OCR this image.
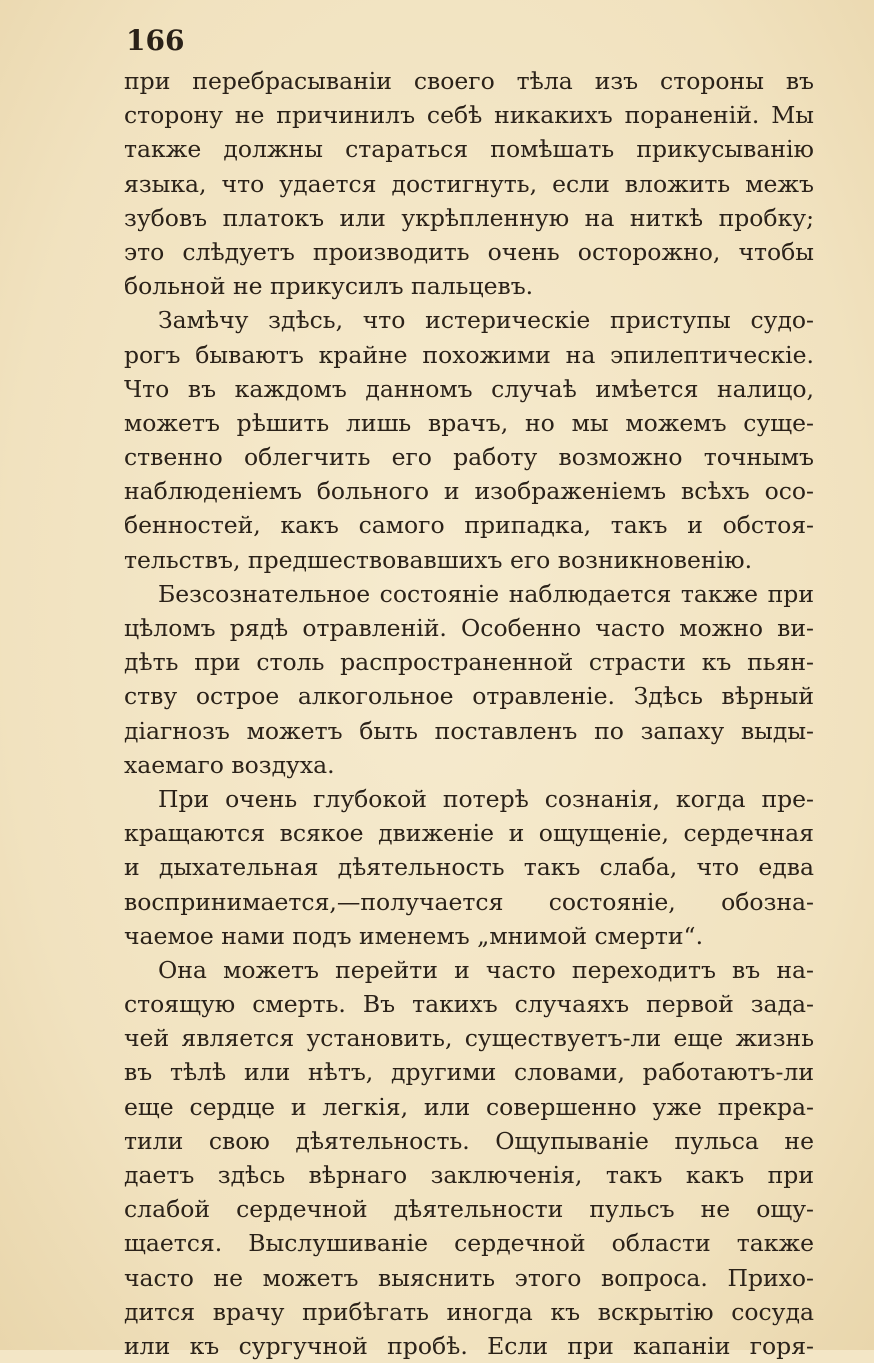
166
при перебрасываніи своего тѣла изъ стороны въ
сторону не причинилъ себѣ никакихъ пораненій. Мы
также должны стараться помѣшать прикусыванію
языка, что удается достигнуть, если вложить межъ
зубовъ платокъ или укрѣпленную на ниткѣ пробку;
это слѣдуетъ производить очень осторожно, чтобы
больной не прикусилъ пальцевъ.
Замѣчу здѣсь, что истерическіе приступы судо-
рогъ бываютъ крайне похожими на эпилептическіе.
Что въ каждомъ данномъ случаѣ имѣется налицо,
можетъ рѣшить лишь врачъ, но мы можемъ суще-
ственно облегчить его работу возможно точнымъ
наблюденіемъ больного и изображеніемъ всѣхъ осо-
бенностей, какъ самого припадка, такъ и обстоя-
тельствъ, предшествовавшихъ его возникновенію.
Безсознательное состояніе наблюдается также при
цѣломъ рядѣ отравленій. Особенно часто можно ви-
дѣть при столь распространенной страсти къ пьян-
ству острое алкогольное отравленіе. Здѣсь вѣрный
діагнозъ можетъ быть поставленъ по запаху выды-
хаемаго воздуха.
При очень глубокой потерѣ сознанія, когда пре-
кращаются всякое движеніе и ощущеніе, сердечная
и дыхательная дѣятельность такъ слаба, что едва
воспринимается,—получается состояніе, обозна-
чаемое нами подъ именемъ „мнимой смерти“.
Она можетъ перейти и часто переходитъ въ на-
стоящую смерть. Въ такихъ случаяхъ первой зада-
чей является установить, существуетъ-ли еще жизнь
въ тѣлѣ или нѣтъ, другими словами, работаютъ-ли
еще сердце и легкія, или совершенно уже прекра-
тили свою дѣятельность. Ощупываніе пульса не
даетъ здѣсь вѣрнаго заключенія, такъ какъ при
слабой сердечной дѣятельности пульсъ не ощу-
щается. Выслушиваніе сердечной области также
часто не можетъ выяснить этого вопроса. Прихо-
дится врачу прибѣгать иногда къ вскрытію сосуда
или къ сургучной пробѣ. Если при капаніи горя-
